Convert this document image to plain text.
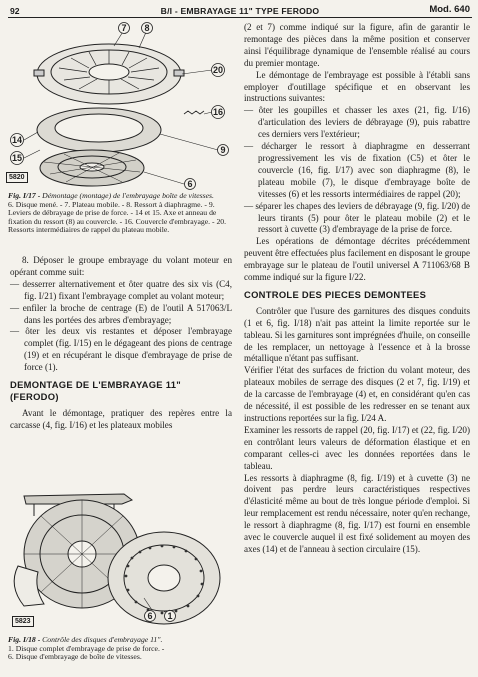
92	B/I - EMBRAYAGE 11" TYPE FERODO	Mod. 640
7 8
20
16
14
15
9
6
5820

Fig. I/17 - Démontage (montage) de l'embrayage boîte de vitesses.

6. Disque mené. - 7. Plateau mobile. - 8. Ressort à diaphragme. - 9. Leviers de débrayage de prise de force. - 14 et 15. Axe et anneau de fixation du ressort (8) au couvercle. - 16. Couvercle d'embrayage. - 20. Ressorts intermédiaires de rappel du plateau mobile.

8. Déposer le groupe embrayage du volant moteur en opérant comme suit:

— desserrer alternativement et ôter quatre des six vis (C4, fig. I/21) fixant l'embrayage complet au volant moteur;

— enfiler la broche de centrage (E) de l'outil A 517063/L dans les portées des arbres d'embrayage;

— ôter les deux vis restantes et déposer l'embrayage complet (fig. I/15) en le dégageant des pions de centrage (19) et en récupérant le disque d'embrayage de prise de force (1).

DEMONTAGE DE L'EMBRAYAGE 11" (FERODO)

Avant le démontage, pratiquer des repères entre la carcasse (4, fig. I/16) et les plateaux mobiles

6 1
5823

Fig. I/18 - Contrôle des disques d'embrayage 11".

1. Disque complet d'embrayage de prise de force. -

6. Disque d'embrayage de boîte de vitesses.

(2 et 7) comme indiqué sur la figure, afin de garantir le remontage des pièces dans la même position et conserver ainsi l'équilibrage dynamique de l'ensemble réalisé au cours du premier montage.

Le démontage de l'embrayage est possible à l'établi sans employer d'outillage spécifique et en observant les instructions suivantes:

— ôter les goupilles et chasser les axes (21, fig. I/16) d'articulation des leviers de débrayage (9), puis rabattre ces derniers vers l'extérieur;

— décharger le ressort à diaphragme en desserrant progressivement les vis de fixation (C5) et ôter le couvercle (16, fig. I/17) avec son diaphragme (8), le plateau mobile (7), le disque d'embrayage boîte de vitesses (6) et les ressorts intermédiaires de rappel (20);

— séparer les chapes des leviers de débrayage (9, fig. I/20) de leurs tirants (5) pour ôter le plateau mobile (2) et le ressort à cuvette (3) d'embrayage de la prise de force.

Les opérations de démontage décrites précédemment peuvent être effectuées plus facilement en disposant le groupe embrayage sur le plateau de l'outil universel A 711063/68 B comme indiqué sur la figure I/22.

CONTROLE DES PIECES DEMONTEES

Contrôler que l'usure des garnitures des disques conduits (1 et 6, fig. I/18) n'ait pas atteint la limite reportée sur le tableau. Si les garnitures sont imprégnées d'huile, on conseille de les remplacer, un nettoyage à l'essence et à la brosse métallique n'étant pas suffisant.

Vérifier l'état des surfaces de friction du volant moteur, des plateaux mobiles de serrage des disques (2 et 7, fig. I/19) et de la carcasse de l'embrayage (4) et, en considérant qu'en cas de nécessité, il est possible de les redresser en se tenant aux instructions reportées sur la fig. I/24 A.

Examiner les ressorts de rappel (20, fig. I/17) et (22, fig. I/20) en contrôlant leurs valeurs de déformation élastique et en comparant celles-ci avec les données reportées dans le tableau.

Les ressorts à diaphragme (8, fig. I/19) et à cuvette (3) ne doivent pas perdre leurs caractéristiques respectives d'élasticité même au bout de très longue période d'emploi. Si leur remplacement est rendu nécessaire, noter qu'en rechange, le ressort à diaphragme (8, fig. I/17) est fourni en ensemble avec le couvercle auquel il est fixé solidement au moyen des axes (14) et de l'anneau à section circulaire (15).
